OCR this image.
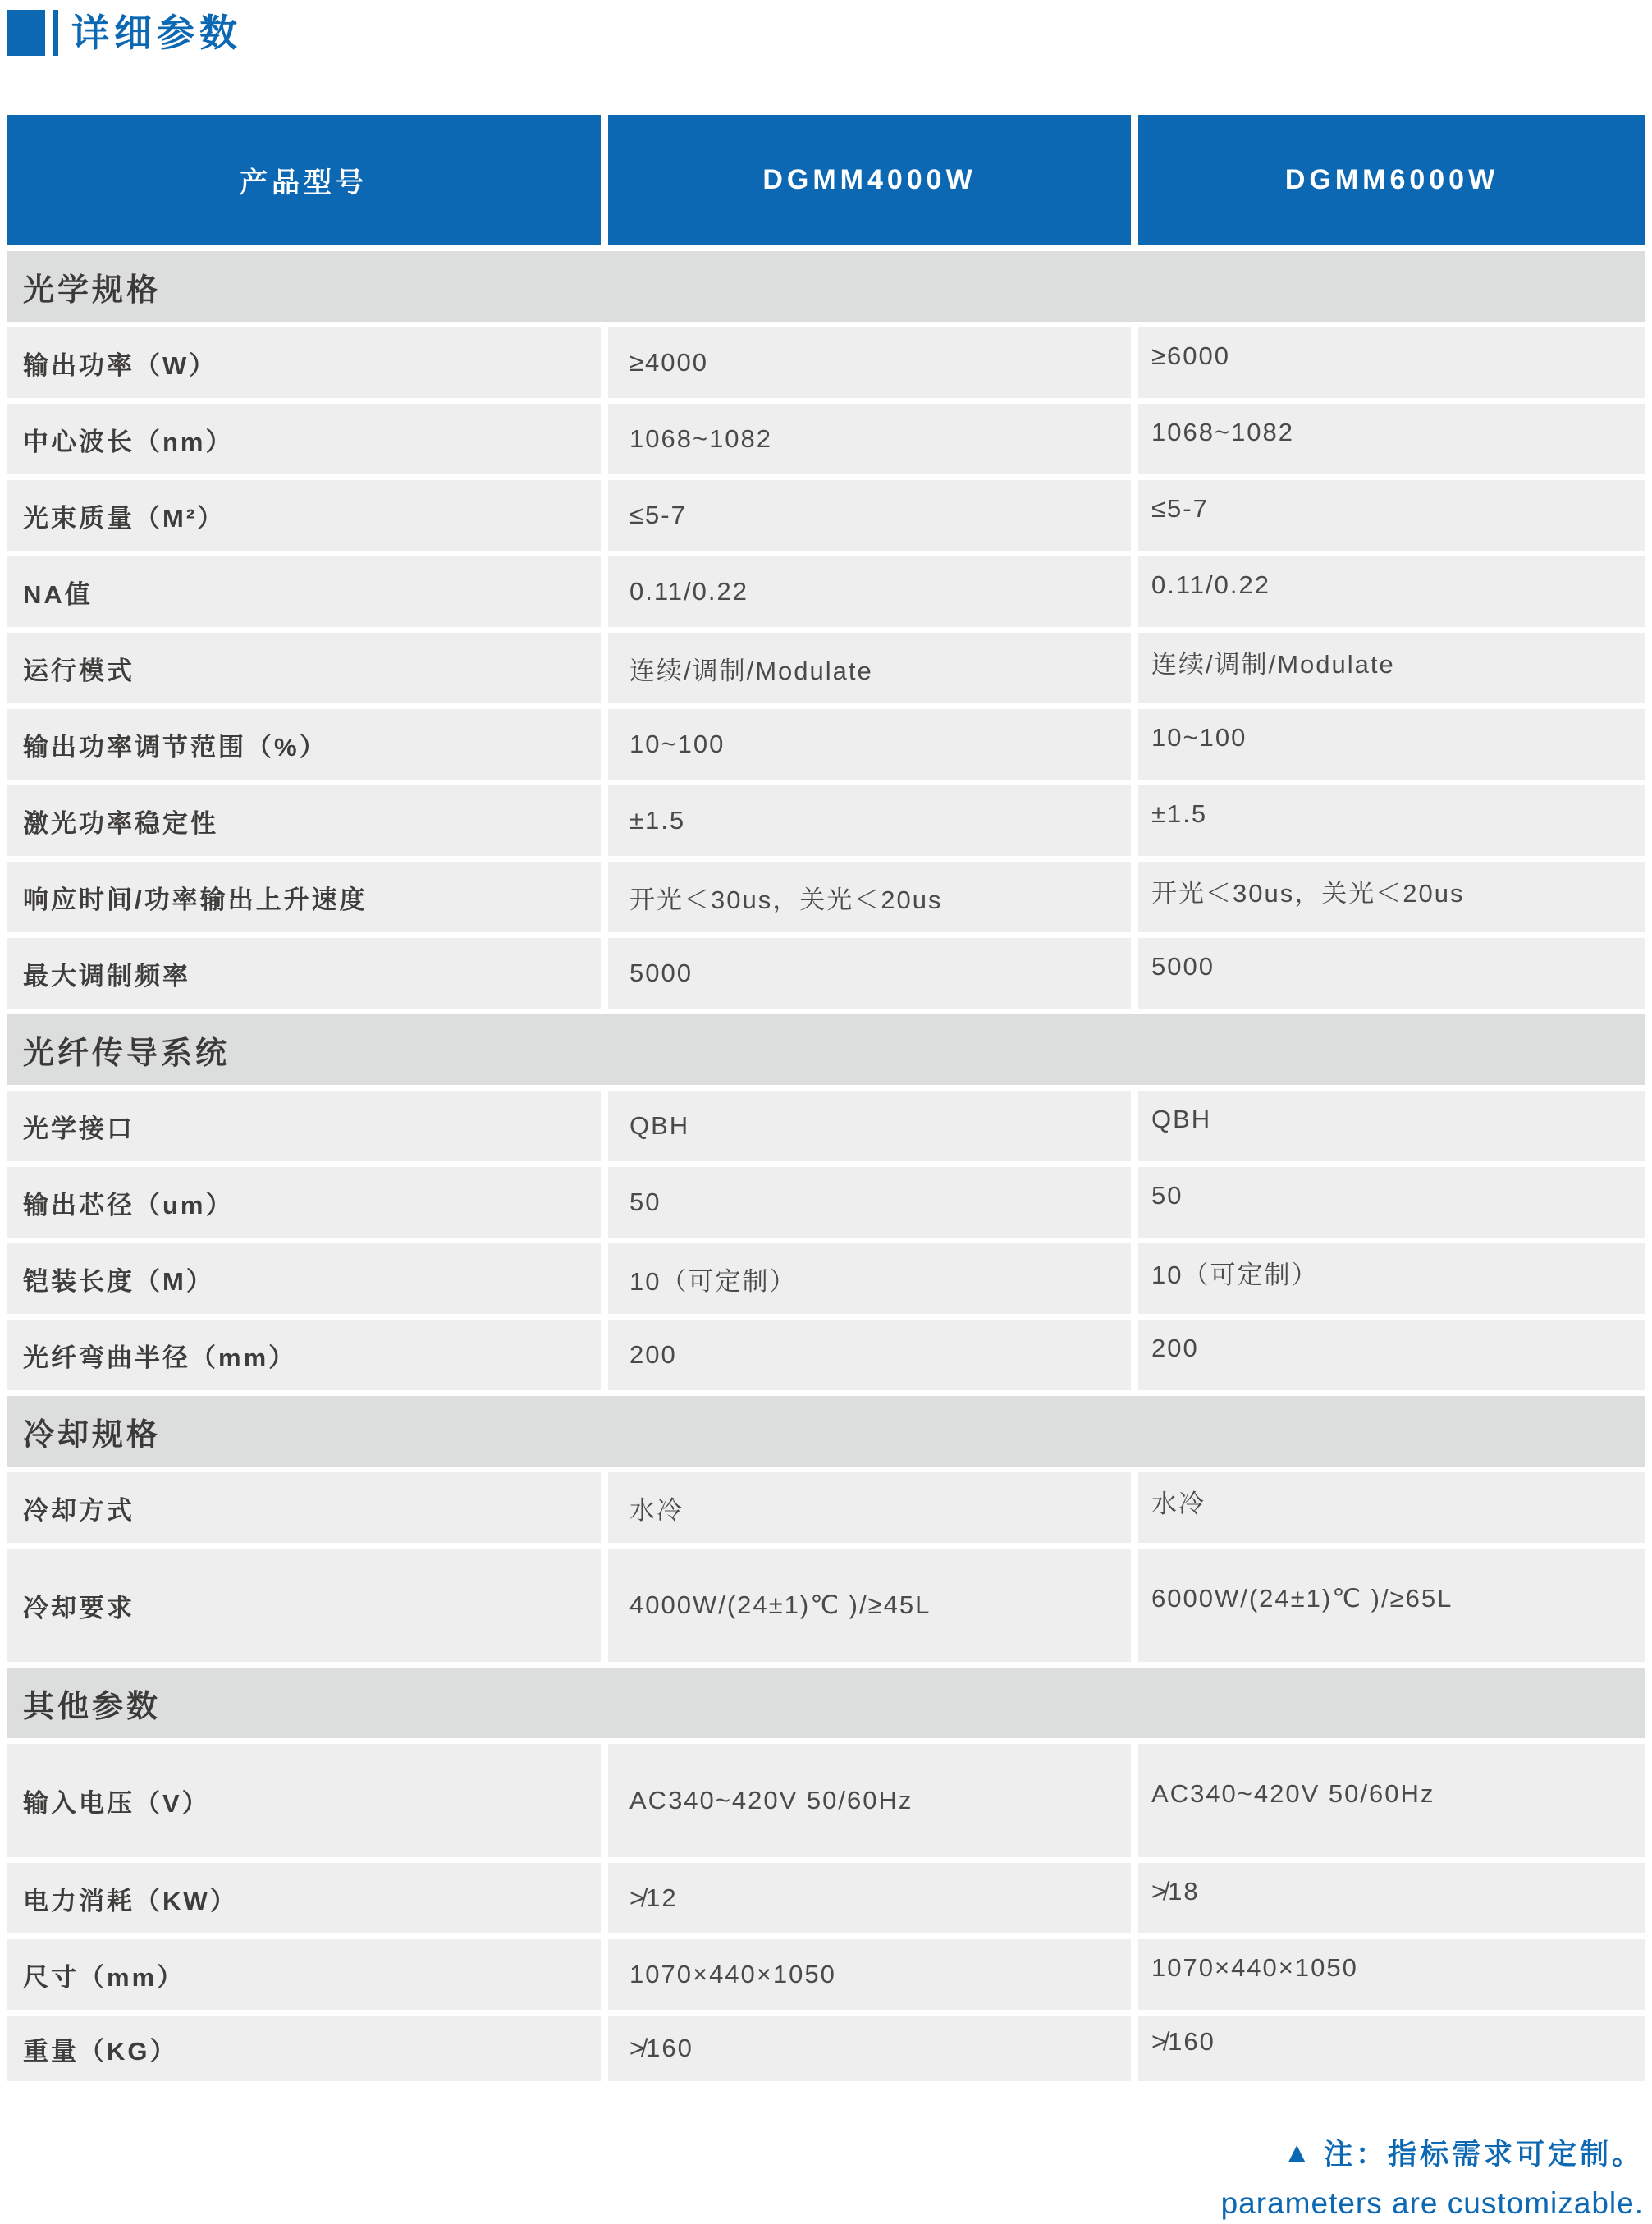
详细参数
产品型号	DGMM4000W	DGMM6000W
光学规格
输出功率（W）	≥4000	≥6000
中心波长（nm）	1068~1082	1068~1082
光束质量（M²）	≤5-7	≤5-7
NA值	0.11/0.22	0.11/0.22
运行模式	连续/调制/Modulate	连续/调制/Modulate
输出功率调节范围（%）	10~100	10~100
激光功率稳定性	±1.5	±1.5
响应时间/功率输出上升速度	开光＜30us，关光＜20us	开光＜30us，关光＜20us
最大调制频率	5000	5000
光纤传导系统
光学接口	QBH	QBH
输出芯径（um）	50	50
铠装长度（M）	10（可定制）	10（可定制）
光纤弯曲半径（mm）	200	200
冷却规格
冷却方式	水冷	水冷
冷却要求	4000W/(24±1)℃ )/≥45L	6000W/(24±1)℃ )/≥65L
其他参数
输入电压（V）	AC340~420V 50/60Hz	AC340~420V 50/60Hz
电力消耗（KW）	≯12	≯18
尺寸（mm）	1070×440×1050	1070×440×1050
重量（KG）	≯160	≯160
▲ 注：指标需求可定制。
parameters are customizable.
